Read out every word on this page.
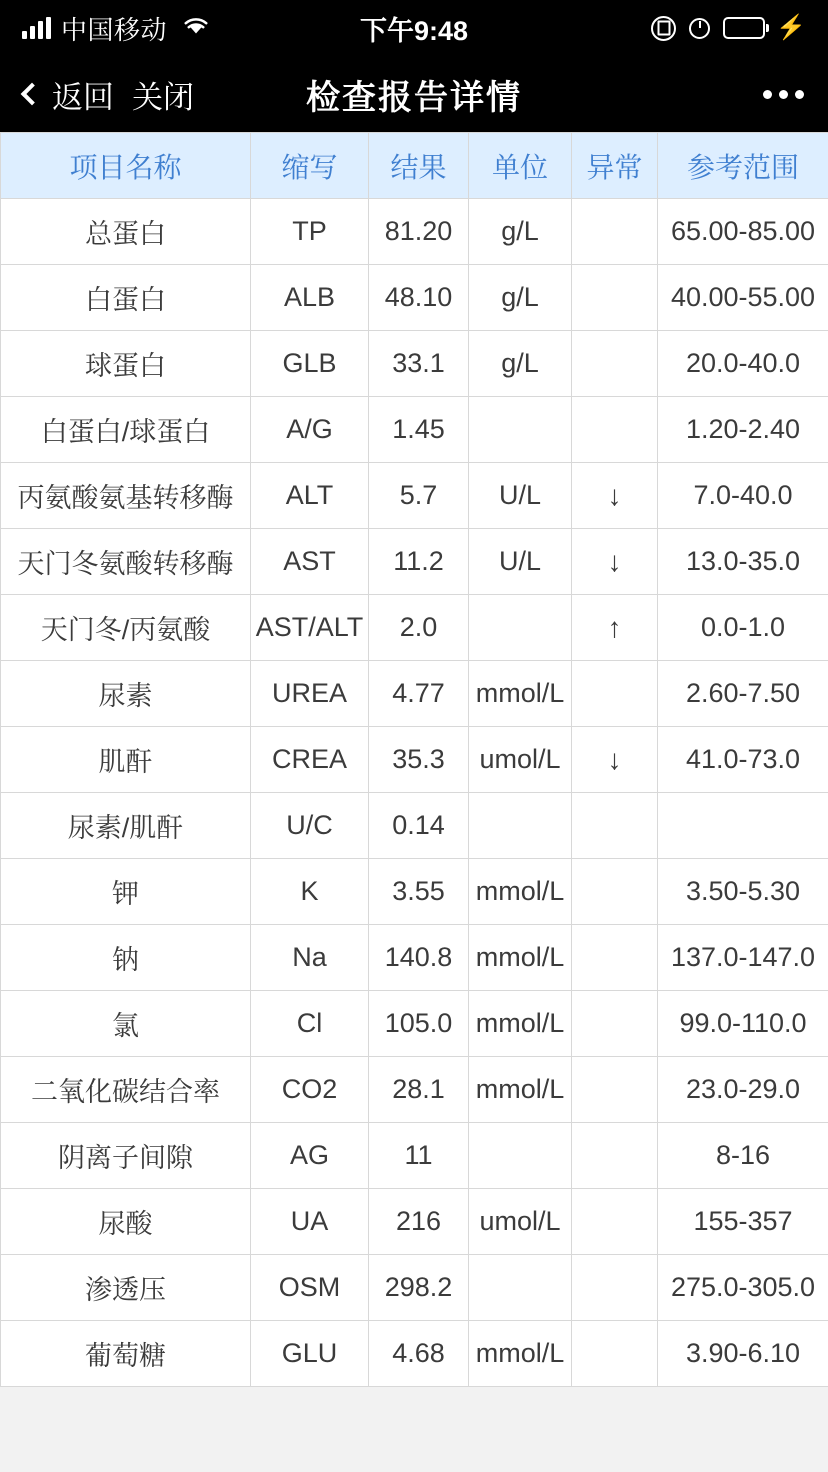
中国移动	下午9:48	⚡
返回 关闭	检查报告详情
项目名称	缩写	结果	单位	异常	参考范围
总蛋白	TP	81.20	g/L		65.00-85.00
白蛋白	ALB	48.10	g/L		40.00-55.00
球蛋白	GLB	33.1	g/L		20.0-40.0
白蛋白/球蛋白	A/G	1.45			1.20-2.40
丙氨酸氨基转移酶	ALT	5.7	U/L	↓	7.0-40.0
天门冬氨酸转移酶	AST	11.2	U/L	↓	13.0-35.0
天门冬/丙氨酸	AST/ALT	2.0		↑	0.0-1.0
尿素	UREA	4.77	mmol/L		2.60-7.50
肌酐	CREA	35.3	umol/L	↓	41.0-73.0
尿素/肌酐	U/C	0.14			
钾	K	3.55	mmol/L		3.50-5.30
钠	Na	140.8	mmol/L		137.0-147.0
氯	Cl	105.0	mmol/L		99.0-110.0
二氧化碳结合率	CO2	28.1	mmol/L		23.0-29.0
阴离子间隙	AG	11			8-16
尿酸	UA	216	umol/L		155-357
渗透压	OSM	298.2			275.0-305.0
葡萄糖	GLU	4.68	mmol/L		3.90-6.10
